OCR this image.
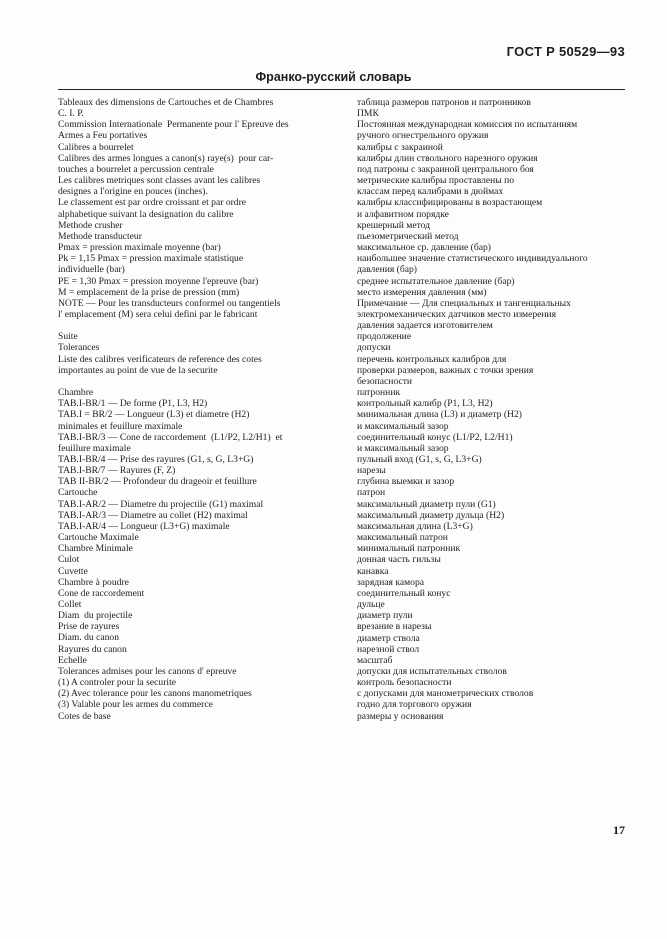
ГОСТ Р 50529—93
Франко-русский словарь
Tableaux des dimensions de Cartouches et de Chambres
C. I. P.
Commission Internationale  Permanente pour l' Epreuve des
Armes a Feu portatives
Calibres a bourrelet
Calibres des armes longues a canon(s) raye(s)  pour car-
touches a bourrelet a percussion centrale
Les calibres metriques sont classes avant les calibres
designes a l'origine en pouces (inches).
Le classement est par ordre croissant et par ordre
alphabetique suivant la designation du calibre
Methode crusher
Methode transducteur
Pmax = pression maximale moyenne (bar)
Pk = 1,15 Pmax = pression maximale statistique
individuelle (bar)
PE = 1,30 Pmax = pression moyenne l'epreuve (bar)
M = emplacement de la prise de pression (mm)
NOTE — Pour les transducteurs conformel ou tangentiels
l' emplacement (M) sera celui defini par le fabricant
Suite
Tolerances
Liste des calibres verificateurs de reference des cotes
importantes au point de vue de la securite
Chambre
TAB.I-BR/1 — De forme (P1, L3, H2)
TAB.I = BR/2 — Longueur (L3) et diametre (H2)
minimales et feuillure maximale
TAB.I-BR/3 — Cone de raccordement  (L1/P2, L2/H1)  et
feuillure maximale
TAB.I-BR/4 — Prise des rayures (G1, s, G, L3+G)
TAB.I-BR/7 — Rayures (F, Z)
TAB II-BR/2 — Profondeur du drageoir et feuillure
Cartouche
TAB.I-AR/2 — Diametre du projectile (G1) maximal
TAB.I-AR/3 — Diametre au collet (H2) maximal
TAB.I-AR/4 — Longueur (L3+G) maximale
Cartouche Maximale
Chambre Minimale
Culot
Cuvette
Chambre à poudre
Cone de raccordement
Collet
Diam  du projectile
Prise de rayures
Diam. du canon
Rayures du canon
Echelle
Tolerances admises pour les canons d' epreuve
(1) A controler pour la securite
(2) Avec tolerance pour les canons manometriques
(3) Valable pour les armes du commerce
Cotes de base
таблица размеров патронов и патронников
ПМК
Постоянная международная комиссия по испытаниям
ручного огнестрельного оружия
калибры с закраиной
калибры длин ствольного нарезного оружия
под патроны с закраиной центрального боя
метрические калибры проставлены по
классам перед калибрами в дюймах
калибры классифицированы в возрастающем
и алфавитном порядке
крешерный метод
пьезометрический метод
максимальное ср. давление (бар)
наибольшее значение статистического индивидуального
давления (бар)
среднее испытательное давление (бар)
место измерения давления (мм)
Примечание — Для специальных и тангенциальных
электромеханических датчиков место измерения
давления задается изготовителем
продолжение
допуски
перечень контрольных калибров для
проверки размеров, важных с точки зрения
безопасности
патронник
контрольный калибр (P1, L3, H2)
минимальная длина (L3) и диаметр (H2)
и максимальный зазор
соединительный конус (L1/P2, L2/H1)
и максимальный зазор
пульный вход (G1, s, G, L3+G)
нарезы
глубина выемки и зазор
патрон
максимальный диаметр пули (G1)
максимальный диаметр дульца (H2)
максимальная длина (L3+G)
максимальный патрон
минимальный патронник
донная часть гильзы
канавка
зарядная камора
соединительный конус
дульце
диаметр пули
врезание в нарезы
диаметр ствола
нарезной ствол
масштаб
допуски для испытательных стволов
контроль безопасности
с допусками для манометрических стволов
годно для торгового оружия
размеры у основания
17
